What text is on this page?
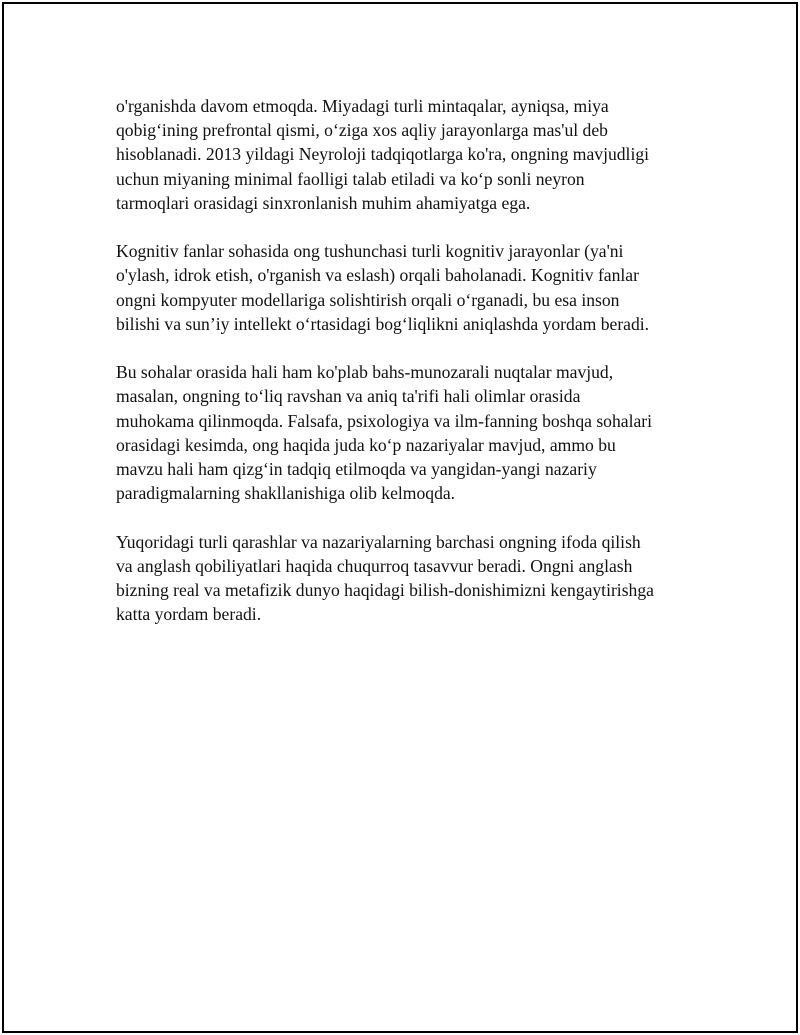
o'rganishda davom etmoqda. Miyadagi turli mintaqalar, ayniqsa, miya
qobig‘ining prefrontal qismi, o‘ziga xos aqliy jarayonlarga mas'ul deb
hisoblanadi. 2013 yildagi Neyroloji tadqiqotlarga ko'ra, ongning mavjudligi
uchun miyaning minimal faolligi talab etiladi va ko‘p sonli neyron
tarmoqlari orasidagi sinxronlanish muhim ahamiyatga ega.

Kognitiv fanlar sohasida ong tushunchasi turli kognitiv jarayonlar (ya'ni
o'ylash, idrok etish, o'rganish va eslash) orqali baholanadi. Kognitiv fanlar
ongni kompyuter modellariga solishtirish orqali o‘rganadi, bu esa inson
bilishi va sun’iy intellekt o‘rtasidagi bog‘liqlikni aniqlashda yordam beradi.

Bu sohalar orasida hali ham ko'plab bahs-munozarali nuqtalar mavjud,
masalan, ongning to‘liq ravshan va aniq ta'rifi hali olimlar orasida
muhokama qilinmoqda. Falsafa, psixologiya va ilm-fanning boshqa sohalari
orasidagi kesimda, ong haqida juda ko‘p nazariyalar mavjud, ammo bu
mavzu hali ham qizg‘in tadqiq etilmoqda va yangidan-yangi nazariy
paradigmalarning shakllanishiga olib kelmoqda.

Yuqoridagi turli qarashlar va nazariyalarning barchasi ongning ifoda qilish
va anglash qobiliyatlari haqida chuqurroq tasavvur beradi. Ongni anglash
bizning real va metafizik dunyo haqidagi bilish-donishimizni kengaytirishga
katta yordam beradi.
